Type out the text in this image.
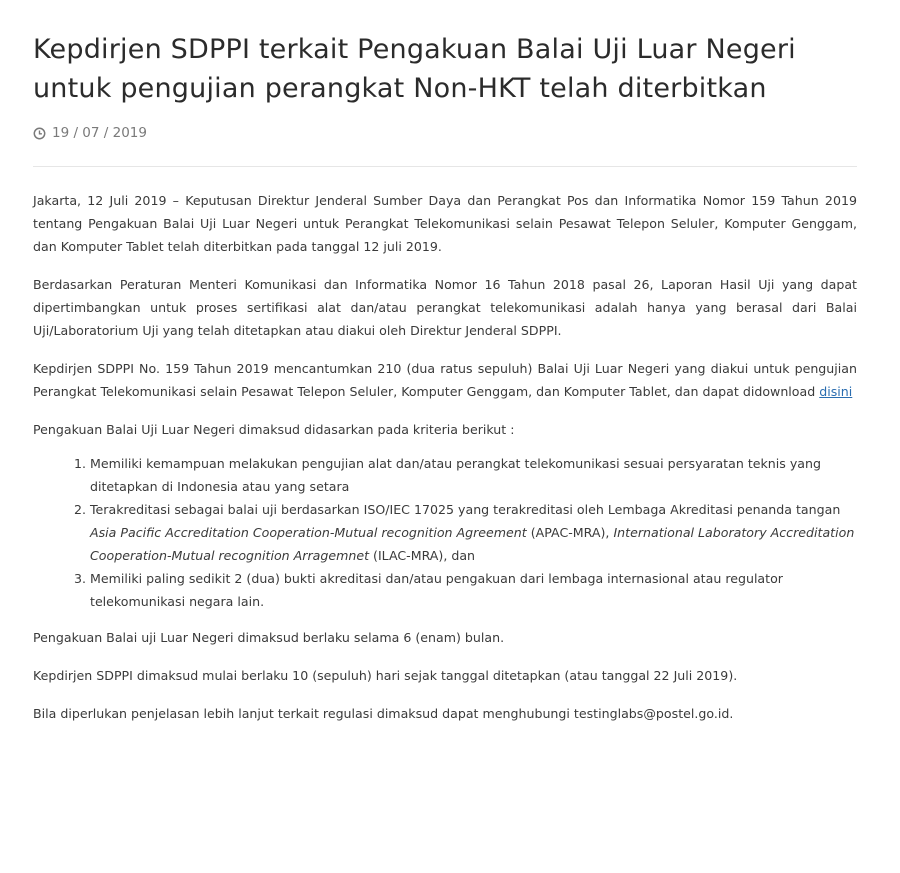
Kepdirjen SDPPI terkait Pengakuan Balai Uji Luar Negeri untuk pengujian perangkat Non-HKT telah diterbitkan
19 / 07 / 2019

Jakarta, 12 Juli 2019 – Keputusan Direktur Jenderal Sumber Daya dan Perangkat Pos dan Informatika Nomor 159 Tahun 2019 tentang Pengakuan Balai Uji Luar Negeri untuk Perangkat Telekomunikasi selain Pesawat Telepon Seluler, Komputer Genggam, dan Komputer Tablet telah diterbitkan pada tanggal 12 juli 2019.

Berdasarkan Peraturan Menteri Komunikasi dan Informatika Nomor 16 Tahun 2018 pasal 26, Laporan Hasil Uji yang dapat dipertimbangkan untuk proses sertifikasi alat dan/atau perangkat telekomunikasi adalah hanya yang berasal dari Balai Uji/Laboratorium Uji yang telah ditetapkan atau diakui oleh Direktur Jenderal SDPPI.

Kepdirjen SDPPI No. 159 Tahun 2019 mencantumkan 210 (dua ratus sepuluh) Balai Uji Luar Negeri yang diakui untuk pengujian Perangkat Telekomunikasi selain Pesawat Telepon Seluler, Komputer Genggam, dan Komputer Tablet, dan dapat didownload disini

Pengakuan Balai Uji Luar Negeri dimaksud didasarkan pada kriteria berikut :

1. Memiliki kemampuan melakukan pengujian alat dan/atau perangkat telekomunikasi sesuai persyaratan teknis yang ditetapkan di Indonesia atau yang setara
2. Terakreditasi sebagai balai uji berdasarkan ISO/IEC 17025 yang terakreditasi oleh Lembaga Akreditasi penanda tangan Asia Pacific Accreditation Cooperation-Mutual recognition Agreement (APAC-MRA), International Laboratory Accreditation Cooperation-Mutual recognition Arragemnet (ILAC-MRA), dan
3. Memiliki paling sedikit 2 (dua) bukti akreditasi dan/atau pengakuan dari lembaga internasional atau regulator telekomunikasi negara lain.

Pengakuan Balai uji Luar Negeri dimaksud berlaku selama 6 (enam) bulan.

Kepdirjen SDPPI dimaksud mulai berlaku 10 (sepuluh) hari sejak tanggal ditetapkan (atau tanggal 22 Juli 2019).

Bila diperlukan penjelasan lebih lanjut terkait regulasi dimaksud dapat menghubungi testinglabs@postel.go.id.
